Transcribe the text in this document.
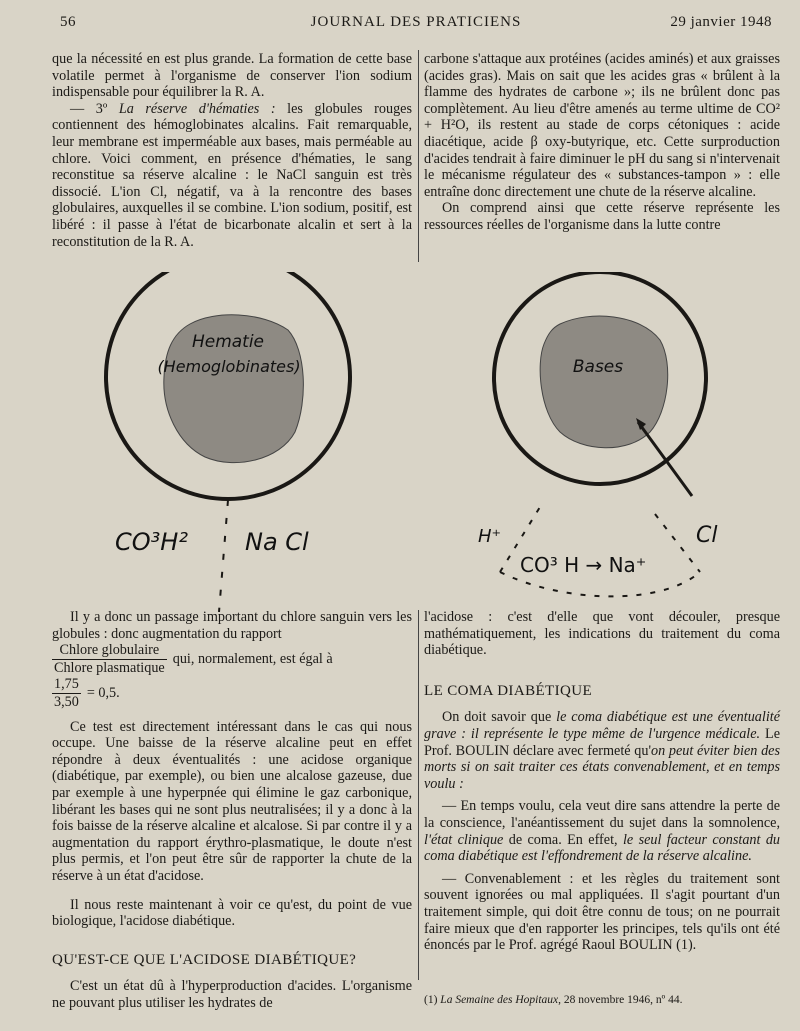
56	JOURNAL DES PRATICIENS	29 janvier 1948

que la nécessité en est plus grande. La formation de cette base volatile permet à l'organisme de conserver l'ion sodium indispensable pour équilibrer la R. A.

— 3º La réserve d'hématies : les globules rouges contiennent des hémoglobinates alcalins. Fait remarquable, leur membrane est imperméable aux bases, mais perméable au chlore. Voici comment, en présence d'hématies, le sang reconstitue sa réserve alcaline : le NaCl sanguin est très dissocié. L'ion Cl, négatif, va à la rencontre des bases globulaires, auxquelles il se combine. L'ion sodium, positif, est libéré : il passe à l'état de bicarbonate alcalin et sert à la reconstitution de la R. A.

carbone s'attaque aux protéines (acides aminés) et aux graisses (acides gras). Mais on sait que les acides gras « brûlent à la flamme des hydrates de carbone »; ils ne brûlent donc pas complètement. Au lieu d'être amenés au terme ultime de CO² + H²O, ils restent au stade de corps cétoniques : acide diacétique, acide β oxy-butyrique, etc. Cette surproduction d'acides tendrait à faire diminuer le pH du sang si n'intervenait le mécanisme régulateur des « substances-tampon » : elle entraîne donc directement une chute de la réserve alcaline.

On comprend ainsi que cette réserve représente les ressources réelles de l'organisme dans la lutte contre

Hematie
(Hemoglobinates)
CO³H² Na Cl
Bases
H⁺
CO³ H → Na⁺
Cl

Il y a donc un passage important du chlore sanguin vers les globules : donc augmentation du rapport

$\frac{\text{Chlore globulaire}}{\text{Chlore plasmatique}}$ qui, normalement, est égal à
$\frac{1,75}{3,50} = 0,5$.

Ce test est directement intéressant dans le cas qui nous occupe. Une baisse de la réserve alcaline peut en effet répondre à deux éventualités : une acidose organique (diabétique, par exemple), ou bien une alcalose gazeuse, due par exemple à une hyperpnée qui élimine le gaz carbonique, libérant les bases qui ne sont plus neutralisées; il y a donc à la fois baisse de la réserve alcaline et alcalose. Si par contre il y a augmentation du rapport érythro-plasmatique, le doute n'est plus permis, et l'on peut être sûr de rapporter la chute de la réserve à un état d'acidose.

Il nous reste maintenant à voir ce qu'est, du point de vue biologique, l'acidose diabétique.

QU'EST-CE QUE L'ACIDOSE DIABÉTIQUE?

C'est un état dû à l'hyperproduction d'acides. L'organisme ne pouvant plus utiliser les hydrates de

l'acidose : c'est d'elle que vont découler, presque mathématiquement, les indications du traitement du coma diabétique.

LE COMA DIABÉTIQUE

On doit savoir que le coma diabétique est une éventualité grave : il représente le type même de l'urgence médicale. Le Prof. BOULIN déclare avec fermeté qu'on peut éviter bien des morts si on sait traiter ces états convenablement, et en temps voulu :

— En temps voulu, cela veut dire sans attendre la perte de la conscience, l'anéantissement du sujet dans la somnolence, l'état clinique de coma. En effet, le seul facteur constant du coma diabétique est l'effondrement de la réserve alcaline.

— Convenablement : et les règles du traitement sont souvent ignorées ou mal appliquées. Il s'agit pourtant d'un traitement simple, qui doit être connu de tous; on ne pourrait faire mieux que d'en rapporter les principes, tels qu'ils ont été énoncés par le Prof. agrégé Raoul BOULIN (1).

(1) La Semaine des Hopitaux, 28 novembre 1946, nº 44.
